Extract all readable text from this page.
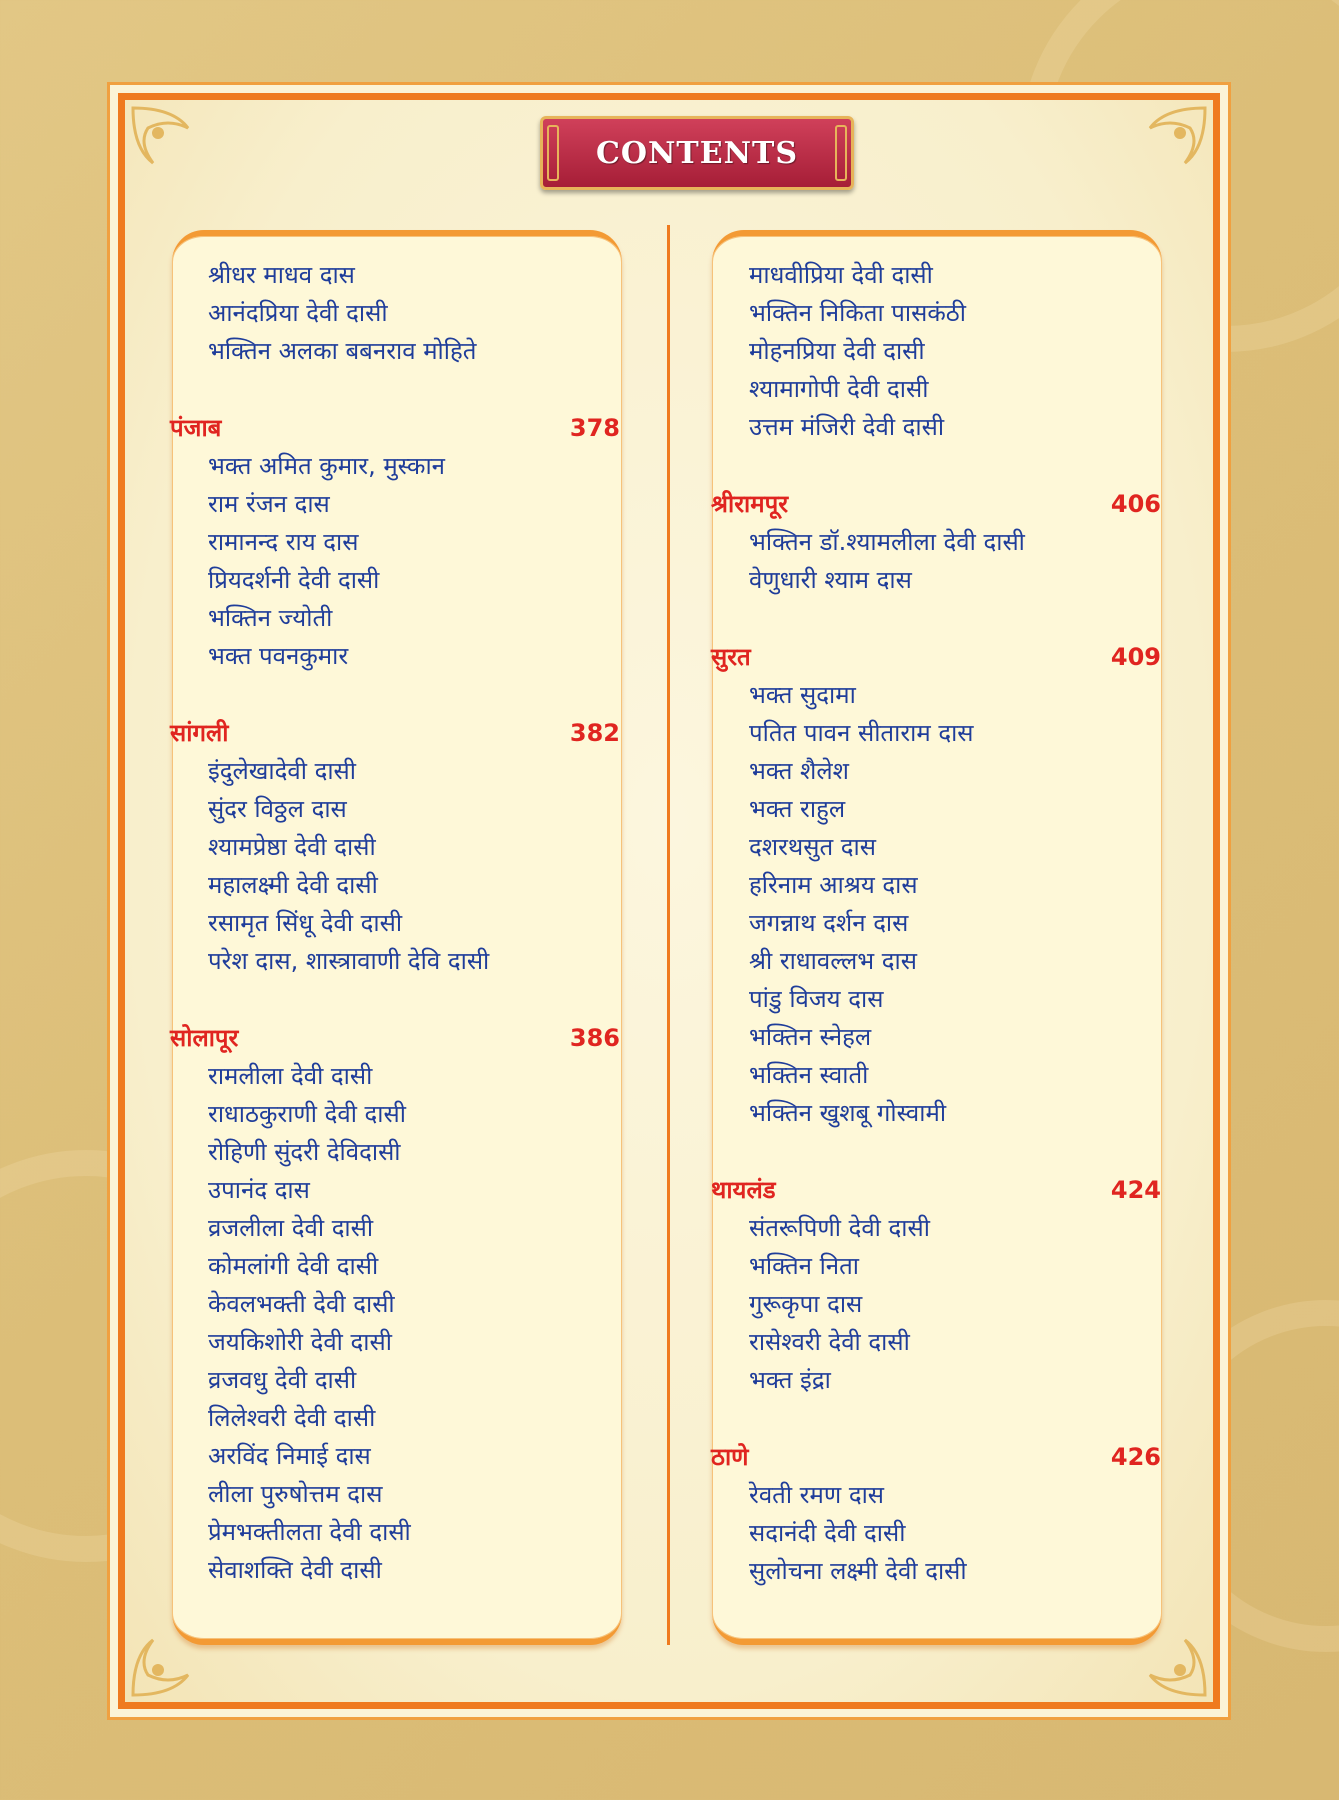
CONTENTS
श्रीधर माधव दास
आनंदप्रिया देवी दासी
भक्तिन अलका बबनराव मोहिते
पंजाब	378
भक्त अमित कुमार, मुस्कान
राम रंजन दास
रामानन्द राय दास
प्रियदर्शनी देवी दासी
भक्तिन ज्योती
भक्त पवनकुमार
सांगली	382
इंदुलेखादेवी दासी
सुंदर विठ्ठल दास
श्यामप्रेष्ठा देवी दासी
महालक्ष्मी देवी दासी
रसामृत सिंधू देवी दासी
परेश दास, शास्त्रावाणी देवि दासी
सोलापूर	386
रामलीला देवी दासी
राधाठकुराणी देवी दासी
रोहिणी सुंदरी देविदासी
उपानंद दास
व्रजलीला देवी दासी
कोमलांगी देवी दासी
केवलभक्ती देवी दासी
जयकिशोरी देवी दासी
व्रजवधु देवी दासी
लिलेश्वरी देवी दासी
अरविंद निमाई दास
लीला पुरुषोत्तम दास
प्रेमभक्तीलता देवी दासी
सेवाशक्ति देवी दासी
माधवीप्रिया देवी दासी
भक्तिन निकिता पासकंठी
मोहनप्रिया देवी दासी
श्यामागोपी देवी दासी
उत्तम मंजिरी देवी दासी
श्रीरामपूर	406
भक्तिन डॉ.श्यामलीला देवी दासी
वेणुधारी श्याम दास
सुरत	409
भक्त सुदामा
पतित पावन सीताराम दास
भक्त शैलेश
भक्त राहुल
दशरथसुत दास
हरिनाम आश्रय दास
जगन्नाथ दर्शन दास
श्री राधावल्लभ दास
पांडु विजय दास
भक्तिन स्नेहल
भक्तिन स्वाती
भक्तिन खुशबू गोस्वामी
थायलंड	424
संतरूपिणी देवी दासी
भक्तिन निता
गुरूकृपा दास
रासेश्वरी देवी दासी
भक्त इंद्रा
ठाणे	426
रेवती रमण दास
सदानंदी देवी दासी
सुलोचना लक्ष्मी देवी दासी
